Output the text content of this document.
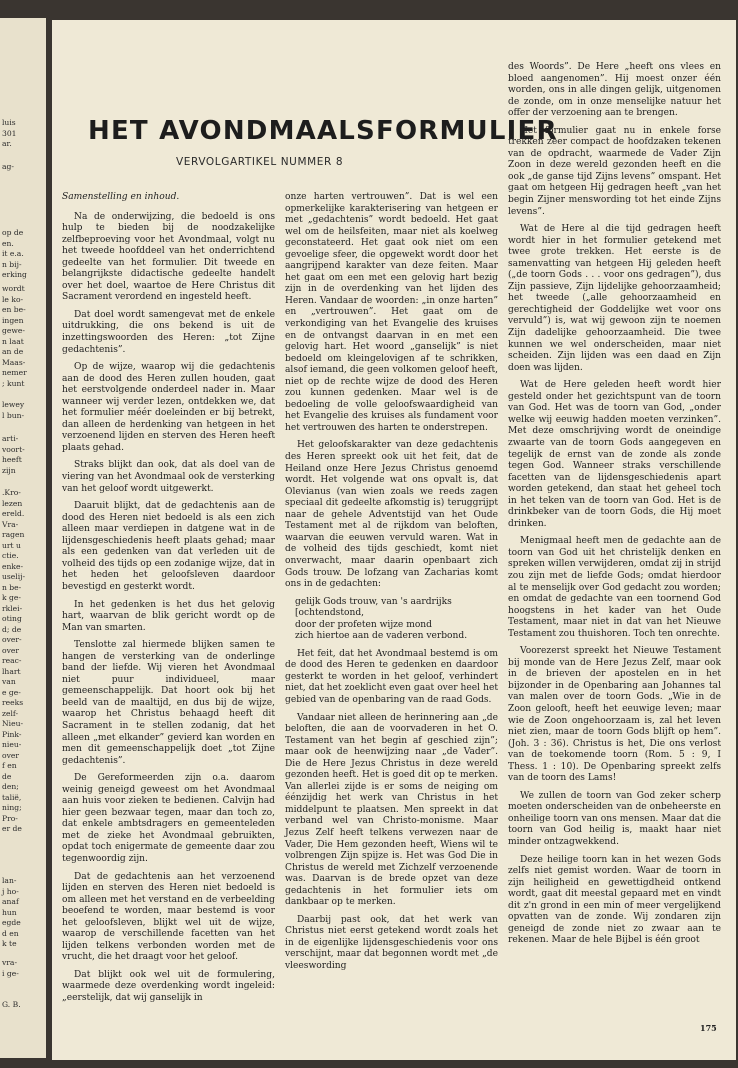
luis
301
ar.
ag-
op de
en.
it e.a.
n bij-
erking
wordt
le ko-
en be-
ingen
gewe-
n laat
an de
Maas-
nemer
; kunt
lewey
l bun-
arti-
voort-
heeft
zijn
.Kro-
lezen
ereld.
Vra-
ragen
urt u
ctie.
enke-
uselij-
n be-
k ge-
rklei-
oting
d; de
over-
over
reac-
lhart
van
e ge-
reeks
zelf-
Nieu-
Pink-
nieu-
over
f en
de
den;
talië,
ning;
Pro-
er de
lan-
j ho-
anaf
hun
egde
d en
k te
vra-
i ge-
G. B.
HET AVONDMAALSFORMULIER
VERVOLGARTIKEL NUMMER 8

Samenstelling en inhoud.

Na de onderwijzing, die bedoeld is ons hulp te bieden bij de noodzakelijke zelfbeproeving voor het Avondmaal, volgt nu het tweede hoofddeel van het onderrichtend gedeelte van het formulier. Dit tweede en belangrijkste didactische gedeelte handelt over het doel, waartoe de Here Christus dit Sacrament verordend en ingesteld heeft.

Dat doel wordt samengevat met de enkele uitdrukking, die ons bekend is uit de inzettingswoorden des Heren: „tot Zijne gedachtenis”.

Op de wijze, waarop wij die gedachtenis aan de dood des Heren zullen houden, gaat het eerstvolgende onderdeel nader in. Maar wanneer wij verder lezen, ontdekken we, dat het formulier méér doeleinden er bij betrekt, dan alleen de herdenking van hetgeen in het verzoenend lijden en sterven des Heren heeft plaats gehad.

Straks blijkt dan ook, dat als doel van de viering van het Avondmaal ook de versterking van het geloof wordt uitgewerkt.

Daaruit blijkt, dat de gedachtenis aan de dood des Heren niet bedoeld is als een zich alleen maar verdiepen in datgene wat in de lijdensgeschiedenis heeft plaats gehad; maar als een gedenken van dat verleden uit de volheid des tijds op een zodanige wijze, dat in het heden het geloofsleven daardoor bevestigd en gesterkt wordt.

In het gedenken is het dus het gelovig hart, waarvan de blik gericht wordt op de Man van smarten.

Tenslotte zal hiermede blijken samen te hangen de versterking van de onderlinge band der liefde. Wij vieren het Avondmaal niet puur individueel, maar gemeenschappelijk. Dat hoort ook bij het beeld van de maaltijd, en dus bij de wijze, waarop het Christus behaagd heeft dit Sacrament in te stellen zodanig, dat het alleen „met elkander” gevierd kan worden en men dit gemeenschappelijk doet „tot Zijne gedachtenis”.

De Gereformeerden zijn o.a. daarom weinig geneigd geweest om het Avondmaal aan huis voor zieken te bedienen. Calvijn had hier geen bezwaar tegen, maar dan toch zo, dat enkele ambtsdragers en gemeenteleden met de zieke het Avondmaal gebruikten, opdat toch enigermate de gemeente daar zou tegenwoordig zijn.

Dat de gedachtenis aan het verzoenend lijden en sterven des Heren niet bedoeld is om alleen met het verstand en de verbeelding beoefend te worden, maar bestemd is voor het geloofsleven, blijkt wel uit de wijze, waarop de verschillende facetten van het lijden telkens verbonden worden met de vrucht, die het draagt voor het geloof.

Dat blijkt ook wel uit de formulering, waarmede deze overdenking wordt ingeleid: „eerstelijk, dat wij ganselijk in

onze harten vertrouwen”. Dat is wel een opmerkelijke karakterisering van hetgeen er met „gedachtenis” wordt bedoeld. Het gaat wel om de heilsfeiten, maar niet als koelweg geconstateerd. Het gaat ook niet om een gevoelige sfeer, die opgewekt wordt door het aangrijpend karakter van deze feiten. Maar het gaat om een met een gelovig hart bezig zijn in de overdenking van het lijden des Heren. Vandaar de woorden: „in onze harten” en „vertrouwen”. Het gaat om de verkondiging van het Evangelie des kruises en de ontvangst daarvan in en met een gelovig hart. Het woord „ganselijk” is niet bedoeld om kleingelovigen af te schrikken, alsof iemand, die geen volkomen geloof heeft, niet op de rechte wijze de dood des Heren zou kunnen gedenken. Maar wel is de bedoeling de volle geloofswaardigheid van het Evangelie des kruises als fundament voor het vertrouwen des harten te onderstrepen.

Het geloofskarakter van deze gedachtenis des Heren spreekt ook uit het feit, dat de Heiland onze Here Jezus Christus genoemd wordt. Het volgende wat ons opvalt is, dat Olevianus (van wien zoals we reeds zagen speciaal dit gedeelte afkomstig is) teruggrijpt naar de gehele Adventstijd van het Oude Testament met al de rijkdom van beloften, waarvan die eeuwen vervuld waren. Wat in de volheid des tijds geschiedt, komt niet onverwacht, maar daarin openbaart zich Gods trouw. De lofzang van Zacharias komt ons in de gedachten:

gelijk Gods trouw, van 's aardrijks [ochtendstond,
door der profeten wijze mond
zich hiertoe aan de vaderen verbond.

Het feit, dat het Avondmaal bestemd is om de dood des Heren te gedenken en daardoor gesterkt te worden in het geloof, verhindert niet, dat het zoeklicht even gaat over heel het gebied van de openbaring van de raad Gods.

Vandaar niet alleen de herinnering aan „de beloften, die aan de voorvaderen in het O. Testament van het begin af geschied zijn”; maar ook de heenwijzing naar „de Vader”. Die de Here Jezus Christus in deze wereld gezonden heeft. Het is goed dit op te merken. Van allerlei zijde is er soms de neiging om éénzijdig het werk van Christus in het middelpunt te plaatsen. Men spreekt in dat verband wel van Christo-monisme. Maar Jezus Zelf heeft telkens verwezen naar de Vader, Die Hem gezonden heeft, Wiens wil te volbrengen Zijn spijze is. Het was God Die in Christus de wereld met Zichzelf verzoenende was. Daarvan is de brede opzet van deze gedachtenis in het formulier iets om dankbaar op te merken.

Daarbij past ook, dat het werk van Christus niet eerst getekend wordt zoals het in de eigenlijke lijdensgeschiedenis voor ons verschijnt, maar dat begonnen wordt met „de vleeswording

des Woords”. De Here „heeft ons vlees en bloed aangenomen”. Hij moest onzer één worden, ons in alle dingen gelijk, uitgenomen de zonde, om in onze menselijke natuur het offer der verzoening aan te brengen.

Het formulier gaat nu in enkele forse trekken zeer compact de hoofdzaken tekenen van de opdracht, waarmede de Vader Zijn Zoon in deze wereld gezonden heeft en die ook „de ganse tijd Zijns levens” omspant. Het gaat om hetgeen Hij gedragen heeft „van het begin Zijner menswording tot het einde Zijns levens”.

Wat de Here al die tijd gedragen heeft wordt hier in het formulier getekend met twee grote trekken. Het eerste is de samenvatting van hetgeen Hij geleden heeft („de toorn Gods . . . voor ons gedragen”), dus Zijn passieve, Zijn lijdelijke gehoorzaamheid; het tweede („alle gehoorzaamheid en gerechtigheid der Goddelijke wet voor ons vervuld”) is, wat wij gewoon zijn te noemen Zijn dadelijke gehoorzaamheid. Die twee kunnen we wel onderscheiden, maar niet scheiden. Zijn lijden was een daad en Zijn doen was lijden.

Wat de Here geleden heeft wordt hier gesteld onder het gezichtspunt van de toorn van God. Het was de toorn van God, „onder welke wij eeuwig hadden moeten verzinken”. Met deze omschrijving wordt de oneindige zwaarte van de toorn Gods aangegeven en tegelijk de ernst van de zonde als zonde tegen God. Wanneer straks verschillende facetten van de lijdensgeschiedenis apart worden getekend, dan staat het geheel toch in het teken van de toorn van God. Het is de drinkbeker van de toorn Gods, die Hij moet drinken.

Menigmaal heeft men de gedachte aan de toorn van God uit het christelijk denken en spreken willen verwijderen, omdat zij in strijd zou zijn met de liefde Gods; omdat hierdoor al te menselijk over God gedacht zou worden; en omdat de gedachte van een toornend God hoogstens in het kader van het Oude Testament, maar niet in dat van het Nieuwe Testament zou thuishoren. Toch ten onrechte.

Voorezerst spreekt het Nieuwe Testament bij monde van de Here Jezus Zelf, maar ook in de brieven der apostelen en in het bijzonder in de Openbaring aan Johannes tal van malen over de toorn Gods. „Wie in de Zoon gelooft, heeft het eeuwige leven; maar wie de Zoon ongehoorzaam is, zal het leven niet zien, maar de toorn Gods blijft op hem”. (Joh. 3 : 36). Christus is het, Die ons verlost van de toekomende toorn (Rom. 5 : 9, I Thess. 1 : 10). De Openbaring spreekt zelfs van de toorn des Lams!

We zullen de toorn van God zeker scherp moeten onderscheiden van de onbeheerste en onheilige toorn van ons mensen. Maar dat die toorn van God heilig is, maakt haar niet minder ontzagwekkend.

Deze heilige toorn kan in het wezen Gods zelfs niet gemist worden. Waar de toorn in zijn heiligheid en gewettigdheid ontkend wordt, gaat dit meestal gepaard met en vindt dit z'n grond in een min of meer vergelijkend opvatten van de zonde. Wij zondaren zijn geneigd de zonde niet zo zwaar aan te rekenen. Maar de hele Bijbel is één groot

175
